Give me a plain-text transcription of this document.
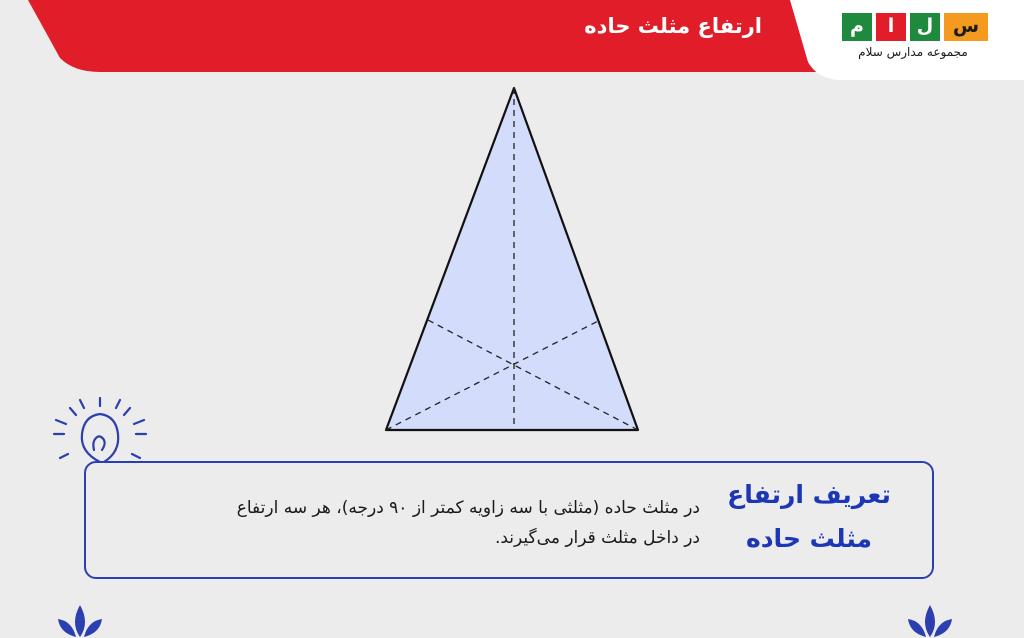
ارتفاع مثلث حاده	م	ا	ل	س
مجموعه مدارس سلام
تعریف ارتفاع
مثلث حاده
در مثلث حاده (مثلثی با سه زاویه کمتر از ۹۰ درجه)، هر سه ارتفاع
در داخل مثلث قرار می‌گیرند.
